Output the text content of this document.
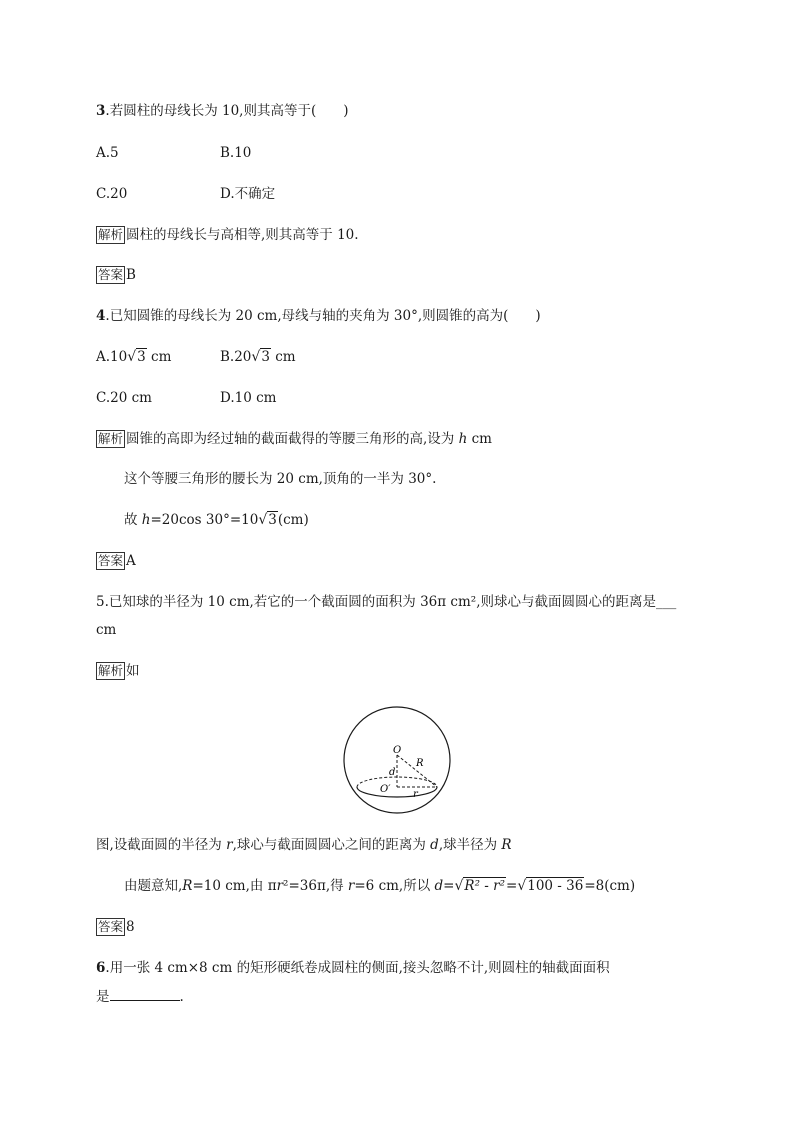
3.若圆柱的母线长为 10,则其高等于(　　)
A.5	B.10
C.20	D.不确定
解析 圆柱的母线长与高相等,则其高等于 10.
答案 B
4.已知圆锥的母线长为 20 cm,母线与轴的夹角为 30°,则圆锥的高为(　　)
A.10√3 cm	B.20√3 cm
C.20 cm	D.10 cm
解析 圆锥的高即为经过轴的截面截得的等腰三角形的高,设为 h cm
这个等腰三角形的腰长为 20 cm,顶角的一半为 30°.
故 h=20cos 30°=10√3(cm)
答案 A
5.已知球的半径为 10 cm,若它的一个截面圆的面积为 36π cm²,则球心与截面圆圆心的距离是___
cm
解析 如
O
d
R
O′ r
图,设截面圆的半径为 r,球心与截面圆圆心之间的距离为 d,球半径为 R
由题意知,R=10 cm,由 πr²=36π,得 r=6 cm,所以 d=√R² - r²=√100 - 36=8(cm)
答案 8
6.用一张 4 cm×8 cm 的矩形硬纸卷成圆柱的侧面,接头忽略不计,则圆柱的轴截面面积
是	.
